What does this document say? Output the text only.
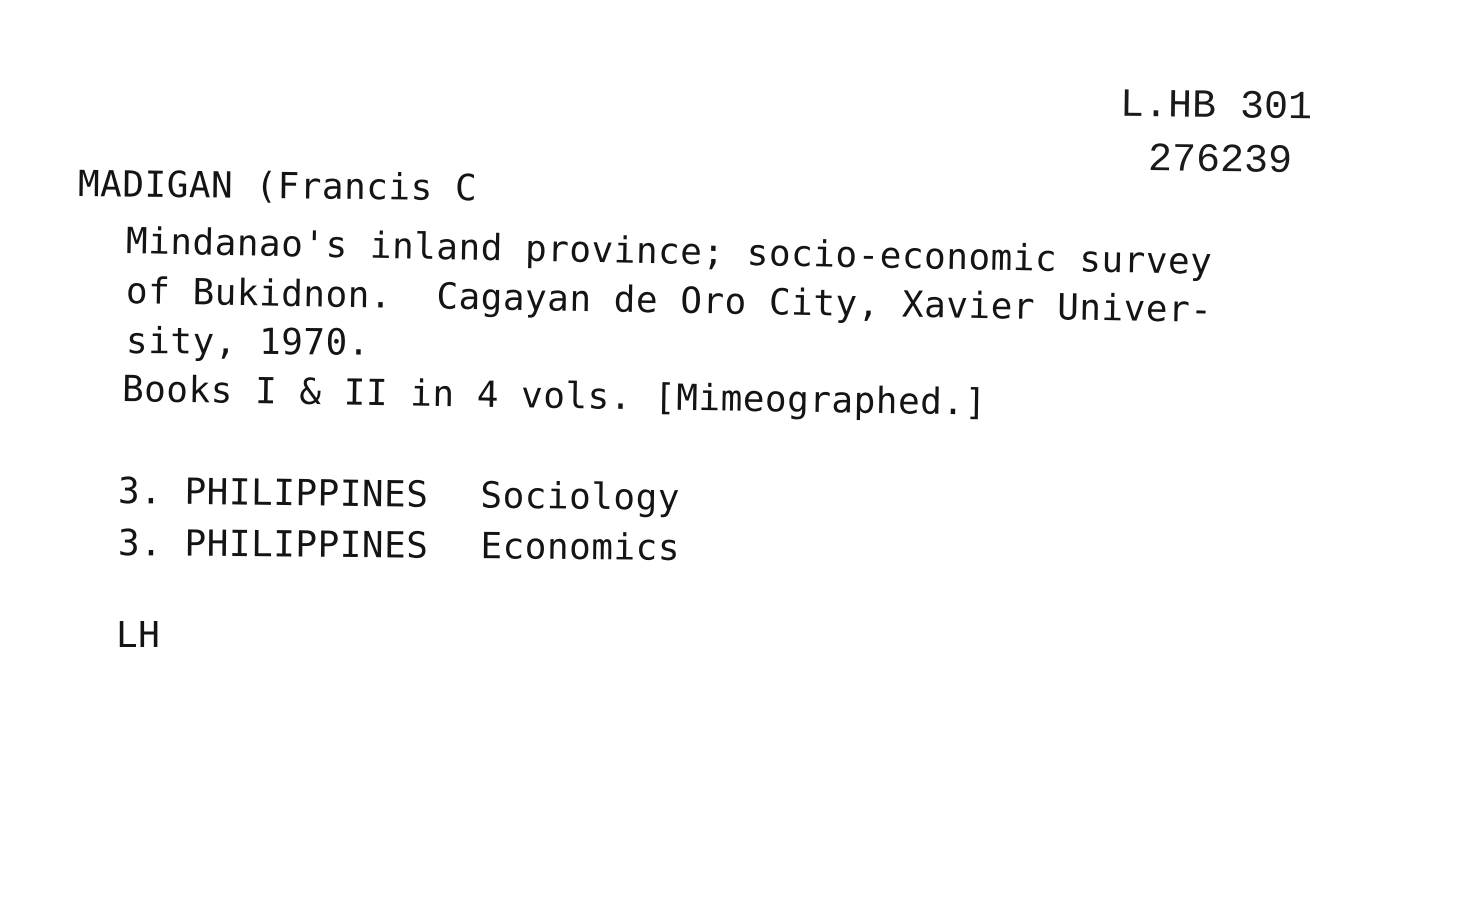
L.HB 301
276239
MADIGAN (Francis C
Mindanao's inland province; socio-economic survey
of Bukidnon.  Cagayan de Oro City, Xavier Univer-
sity, 1970.
Books I & II in 4 vols. [Mimeographed.]
3. PHILIPPINES Sociology
3. PHILIPPINES Economics
LH
